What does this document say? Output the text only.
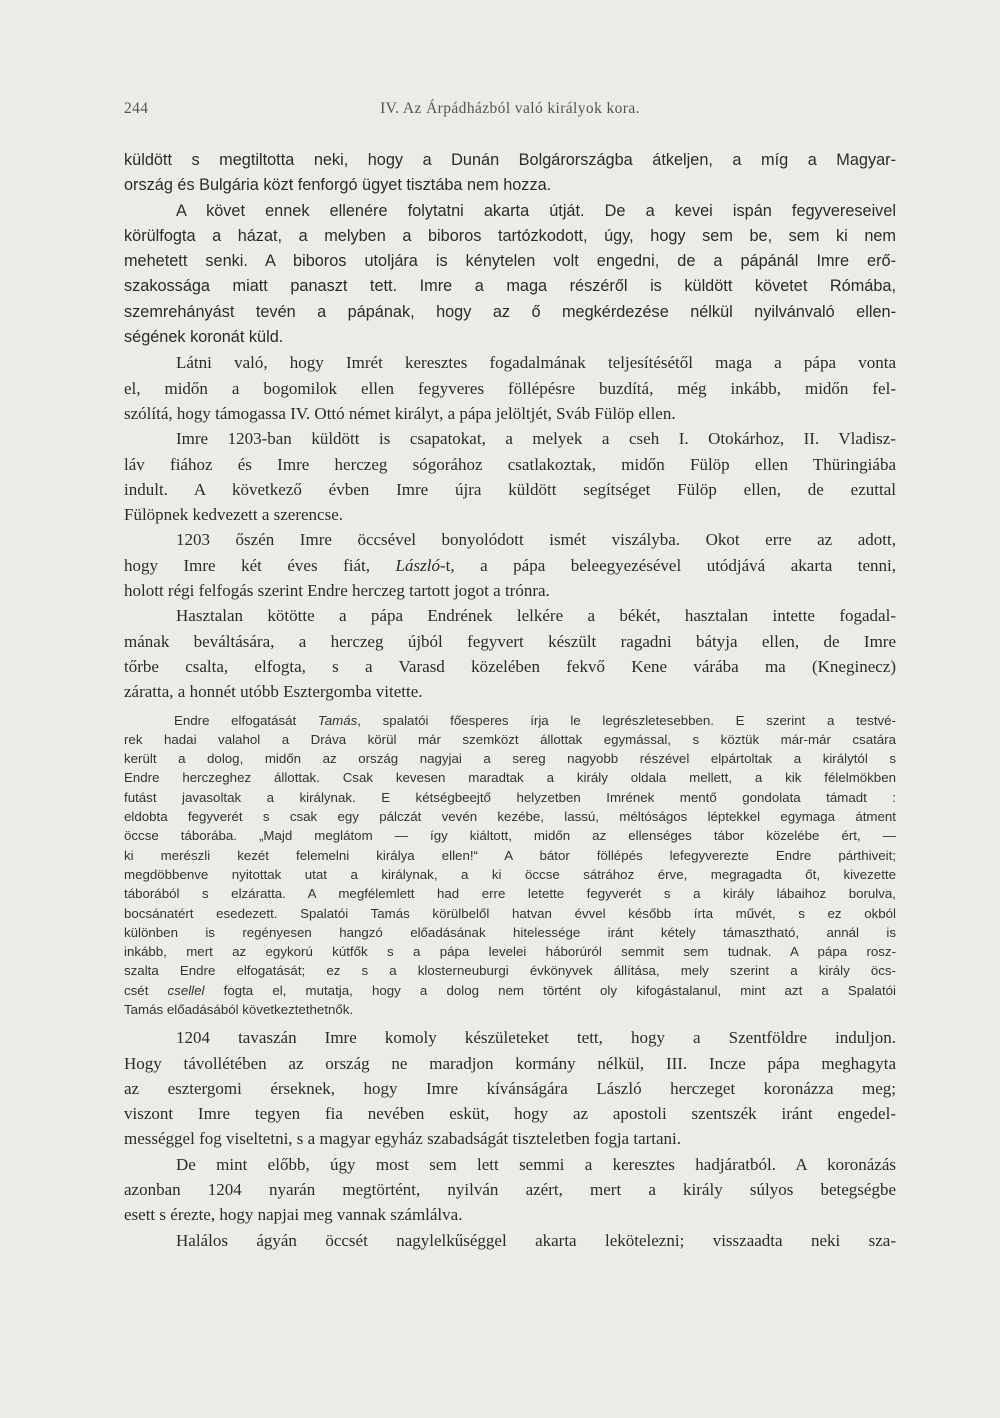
244	IV. Az Árpádházból való királyok kora.
küldött s megtiltotta neki, hogy a Dunán Bolgárországba átkeljen, a míg a Magyar-
ország és Bulgária közt fenforgó ügyet tisztába nem hozza.
A követ ennek ellenére folytatni akarta útját. De a kevei ispán fegyvereseivel
körülfogta a házat, a melyben a biboros tartózkodott, úgy, hogy sem be, sem ki nem
mehetett senki. A biboros utoljára is kénytelen volt engedni, de a pápánál Imre erő-
szakossága miatt panaszt tett. Imre a maga részéről is küldött követet Rómába,
szemrehányást tevén a pápának, hogy az ő megkérdezése nélkül nyilvánvaló ellen-
ségének koronát küld.
Látni való, hogy Imrét keresztes fogadalmának teljesítésétől maga a pápa vonta
el, midőn a bogomilok ellen fegyveres föllépésre buzdítá, még inkább, midőn fel-
szólítá, hogy támogassa IV. Ottó német királyt, a pápa jelöltjét, Sváb Fülöp ellen.
Imre 1203-ban küldött is csapatokat, a melyek a cseh I. Otokárhoz, II. Vladisz-
láv fiához és Imre herczeg sógorához csatlakoztak, midőn Fülöp ellen Thüringiába
indult. A következő évben Imre újra küldött segítséget Fülöp ellen, de ezuttal
Fülöpnek kedvezett a szerencse.
1203 őszén Imre öccsével bonyolódott ismét viszályba. Okot erre az adott,
hogy Imre két éves fiát, László-t, a pápa beleegyezésével utódjává akarta tenni,
holott régi felfogás szerint Endre herczeg tartott jogot a trónra.
Hasztalan kötötte a pápa Endrének lelkére a békét, hasztalan intette fogadal-
mának beváltására, a herczeg újból fegyvert készült ragadni bátyja ellen, de Imre
tőrbe csalta, elfogta, s a Varasd közelében fekvő Kene várába ma (Kneginecz)
záratta, a honnét utóbb Esztergomba vitette.
Endre elfogatását Tamás, spalatói főesperes írja le legrészletesebben. E szerint a testvé-
rek hadai valahol a Dráva körül már szemközt állottak egymással, s köztük már-már csatára
került a dolog, midőn az ország nagyjai a sereg nagyobb részével elpártoltak a királytól s
Endre herczeghez állottak. Csak kevesen maradtak a király oldala mellett, a kik félelmökben
futást javasoltak a királynak. E kétségbeejtő helyzetben Imrének mentő gondolata támadt :
eldobta fegyverét s csak egy pálczát vevén kezébe, lassú, méltóságos léptekkel egymaga átment
öccse táborába. „Majd meglátom — így kiáltott, midőn az ellenséges tábor közelébe ért, —
ki merészli kezét felemelni királya ellen!“ A bátor föllépés lefegyverezte Endre párthiveit;
megdöbbenve nyitottak utat a királynak, a ki öccse sátrához érve, megragadta őt, kivezette
táborából s elzáratta. A megfélemlett had erre letette fegyverét s a király lábaihoz borulva,
bocsánatért esedezett. Spalatói Tamás körülbelől hatvan évvel később írta művét, s ez okból
különben is regényesen hangzó előadásának hitelessége iránt kétely támasztható, annál is
inkább, mert az egykorú kútfők s a pápa levelei háborúról semmit sem tudnak. A pápa rosz-
szalta Endre elfogatását; ez s a klosterneuburgi évkönyvek állítása, mely szerint a király öcs-
csét csellel fogta el, mutatja, hogy a dolog nem történt oly kifogástalanul, mint azt a Spalatói
Tamás előadásából következtethetnők.
1204 tavaszán Imre komoly készületeket tett, hogy a Szentföldre induljon.
Hogy távollétében az ország ne maradjon kormány nélkül, III. Incze pápa meghagyta
az esztergomi érseknek, hogy Imre kívánságára László herczeget koronázza meg;
viszont Imre tegyen fia nevében esküt, hogy az apostoli szentszék iránt engedel-
mességgel fog viseltetni, s a magyar egyház szabadságát tiszteletben fogja tartani.
De mint előbb, úgy most sem lett semmi a keresztes hadjáratból. A koronázás
azonban 1204 nyarán megtörtént, nyilván azért, mert a király súlyos betegségbe
esett s érezte, hogy napjai meg vannak számlálva.
Halálos ágyán öccsét nagylelkűséggel akarta lekötelezni; visszaadta neki sza-
